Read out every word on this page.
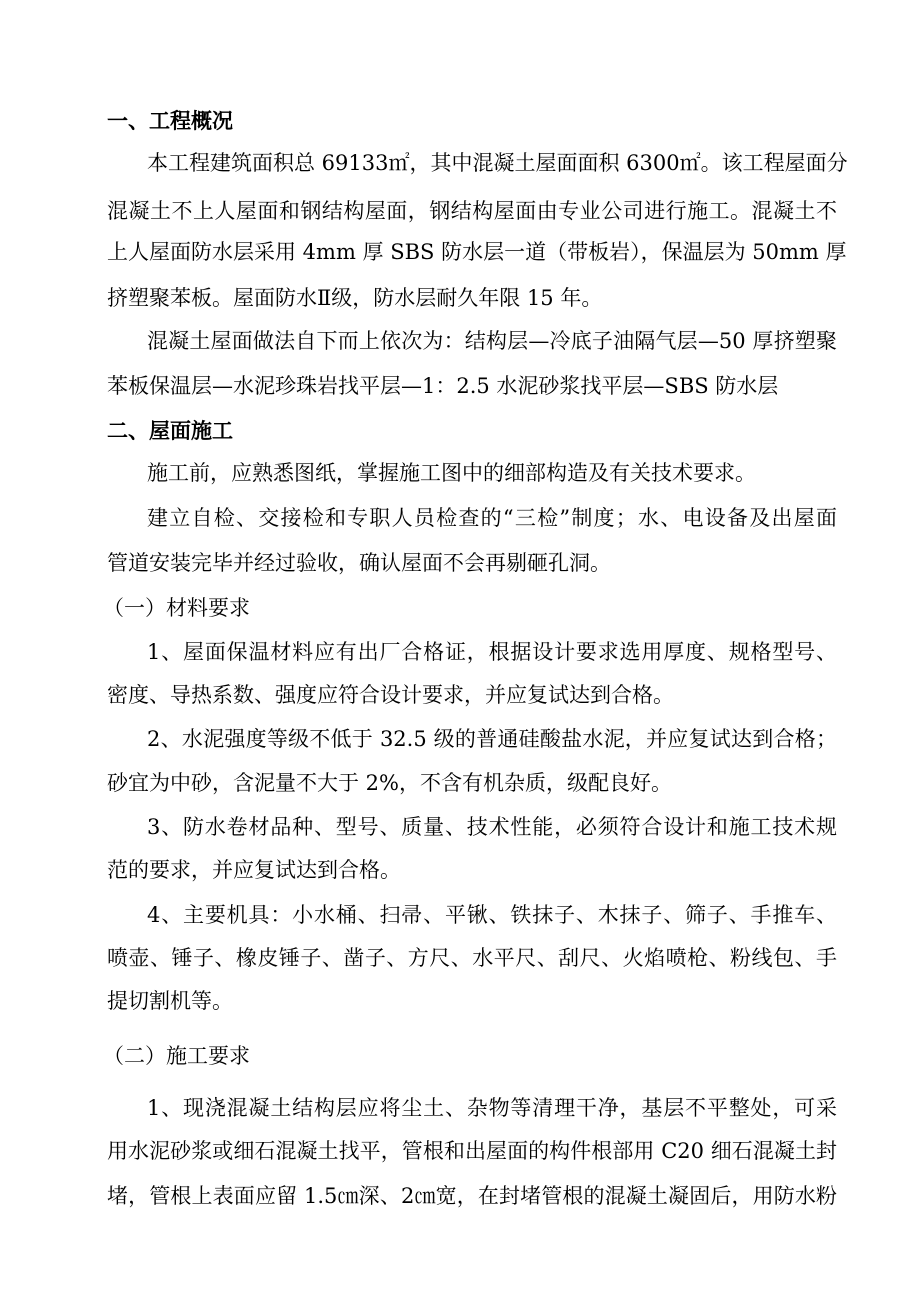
一、工程概况
本工程建筑面积总 69133㎡，其中混凝土屋面面积 6300㎡。该工程屋面分
混凝土不上人屋面和钢结构屋面，钢结构屋面由专业公司进行施工。混凝土不
上人屋面防水层采用 4mm 厚 SBS 防水层一道（带板岩），保温层为 50mm 厚
挤塑聚苯板。屋面防水Ⅱ级，防水层耐久年限 15 年。
混凝土屋面做法自下而上依次为：结构层—冷底子油隔气层—50 厚挤塑聚
苯板保温层—水泥珍珠岩找平层—1：2.5 水泥砂浆找平层—SBS 防水层
二、屋面施工
施工前，应熟悉图纸，掌握施工图中的细部构造及有关技术要求。
建立自检、交接检和专职人员检查的“三检”制度；水、电设备及出屋面
管道安装完毕并经过验收，确认屋面不会再剔砸孔洞。
（一）材料要求
1、屋面保温材料应有出厂合格证，根据设计要求选用厚度、规格型号、
密度、导热系数、强度应符合设计要求，并应复试达到合格。
2、水泥强度等级不低于 32.5 级的普通硅酸盐水泥，并应复试达到合格；
砂宜为中砂，含泥量不大于 2%，不含有机杂质，级配良好。
3、防水卷材品种、型号、质量、技术性能，必须符合设计和施工技术规
范的要求，并应复试达到合格。
4、主要机具：小水桶、扫帚、平锹、铁抹子、木抹子、筛子、手推车、
喷壶、锤子、橡皮锤子、凿子、方尺、水平尺、刮尺、火焰喷枪、粉线包、手
提切割机等。
（二）施工要求
1、现浇混凝土结构层应将尘土、杂物等清理干净，基层不平整处，可采
用水泥砂浆或细石混凝土找平，管根和出屋面的构件根部用 C20 细石混凝土封
堵，管根上表面应留 1.5㎝深、2㎝宽，在封堵管根的混凝土凝固后，用防水粉
